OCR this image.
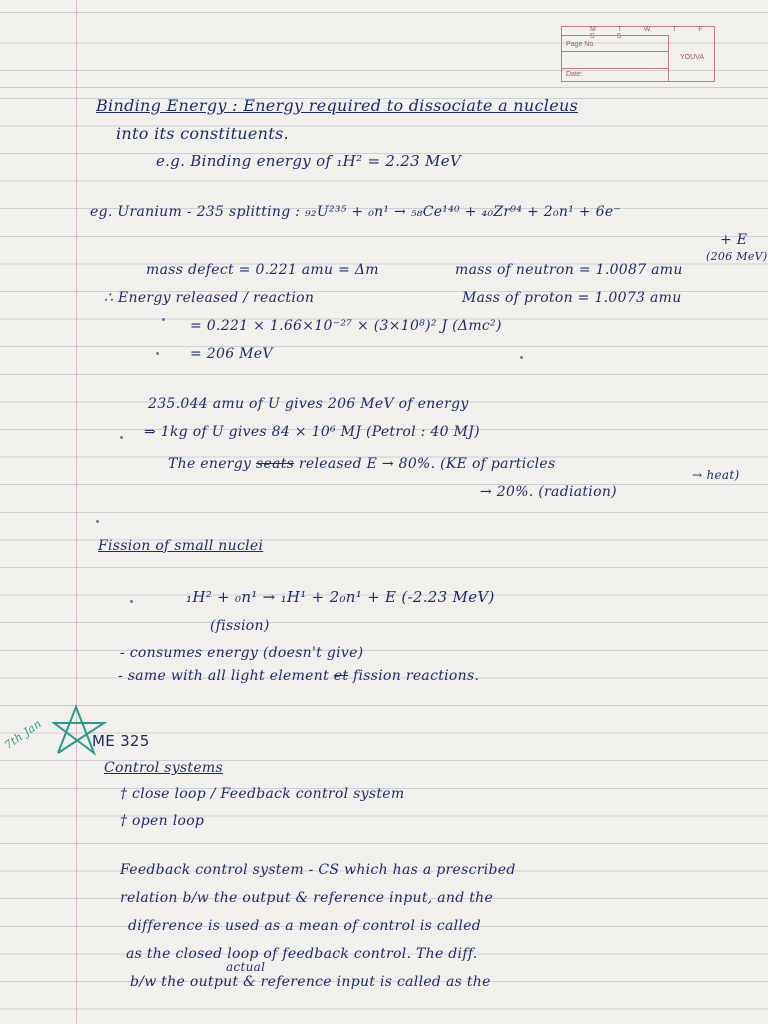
M T W T F S S
Page No.
Date:
YOUVA
Binding Energy : Energy required to dissociate a nucleus
into its constituents.
e.g. Binding energy of ₁H² = 2.23 MeV
eg. Uranium - 235 splitting : ₉₂U²³⁵ + ₀n¹ → ₅₈Ce¹⁴⁰ + ₄₀Zr⁹⁴ + 2₀n¹ + 6e⁻
+ E
(206 MeV)
mass defect = 0.221 amu = Δm	mass of neutron = 1.0087 amu
∴ Energy released / reaction	Mass of proton = 1.0073 amu
= 0.221 × 1.66×10⁻²⁷ × (3×10⁸)² J (Δmc²)
= 206 MeV
235.044 amu of U gives 206 MeV of energy
⇒ 1kg of U gives 84 × 10⁶ MJ (Petrol : 40 MJ)
The energy seats released E → 80%. (KE of particles
→ heat)
→ 20%. (radiation)
Fission of small nuclei
₁H² + ₀n¹ → ₁H¹ + 2₀n¹ + E (-2.23 MeV)
(fission)
- consumes energy (doesn't give)
- same with all light element et fission reactions.
7th Jan	ME 325
Control systems
† close loop / Feedback control system
† open loop
Feedback control system - CS which has a prescribed
relation b/w the output & reference input, and the
difference is used as a mean of control is called
as the closed loop of feedback control. The diff.
actual
b/w the output & reference input is called as the
